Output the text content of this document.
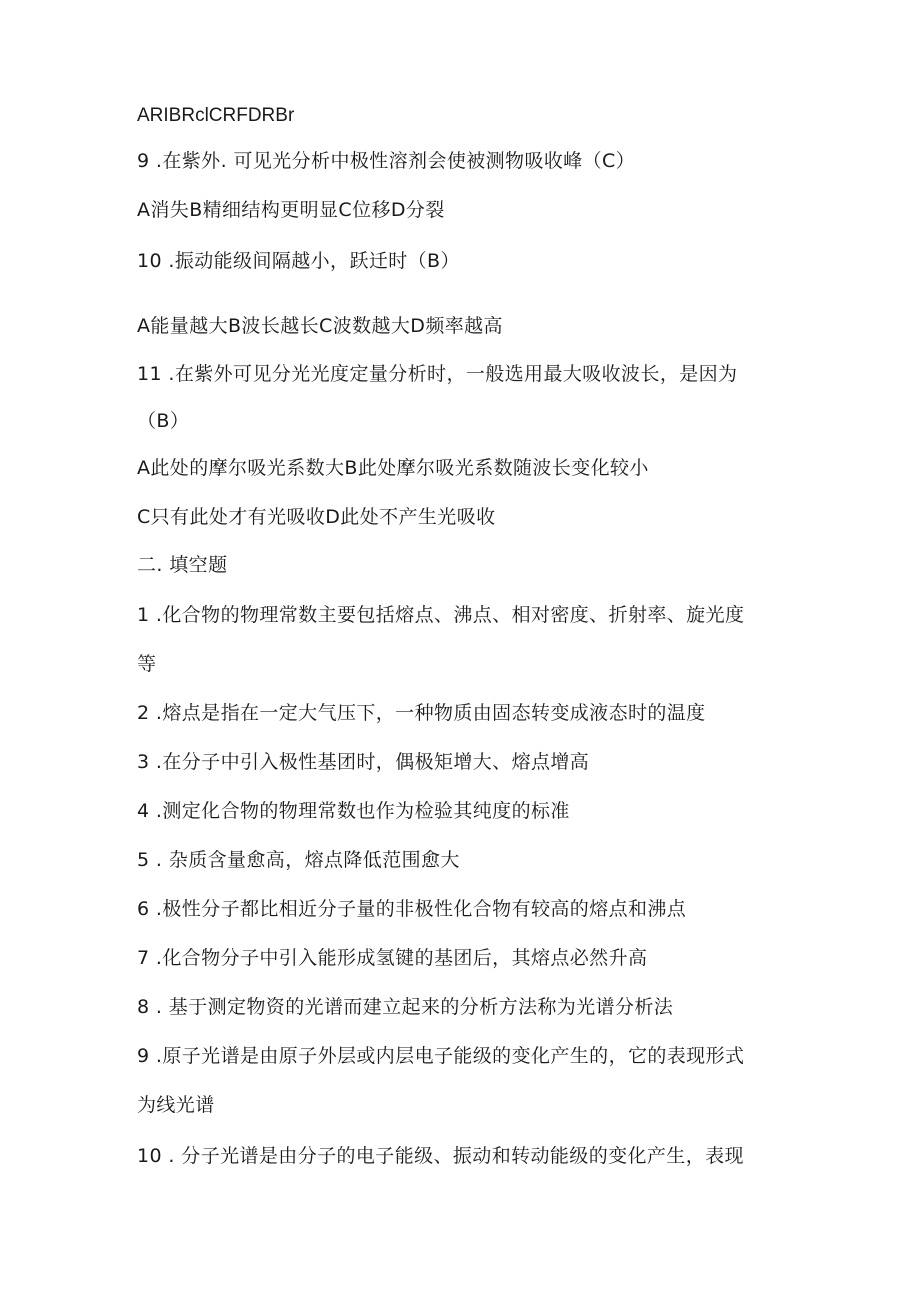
ARIBRclCRFDRBr
9 .在紫外. 可见光分析中极性溶剂会使被测物吸收峰（C）
A消失B精细结构更明显C位移D分裂
10 .振动能级间隔越小，跃迁时（B）
A能量越大B波长越长C波数越大D频率越高
11 .在紫外可见分光光度定量分析时，一般选用最大吸收波长，是因为
（B）
A此处的摩尔吸光系数大B此处摩尔吸光系数随波长变化较小
C只有此处才有光吸收D此处不产生光吸收
二. 填空题
1 .化合物的物理常数主要包括熔点、沸点、相对密度、折射率、旋光度
等
2 .熔点是指在一定大气压下，一种物质由固态转变成液态时的温度
3 .在分子中引入极性基团时，偶极矩增大、熔点增高
4 .测定化合物的物理常数也作为检验其纯度的标准
5 . 杂质含量愈高，熔点降低范围愈大
6 .极性分子都比相近分子量的非极性化合物有较高的熔点和沸点
7 .化合物分子中引入能形成氢键的基团后，其熔点必然升高
8 . 基于测定物资的光谱而建立起来的分析方法称为光谱分析法
9 .原子光谱是由原子外层或内层电子能级的变化产生的，它的表现形式
为线光谱
10 . 分子光谱是由分子的电子能级、振动和转动能级的变化产生，表现
